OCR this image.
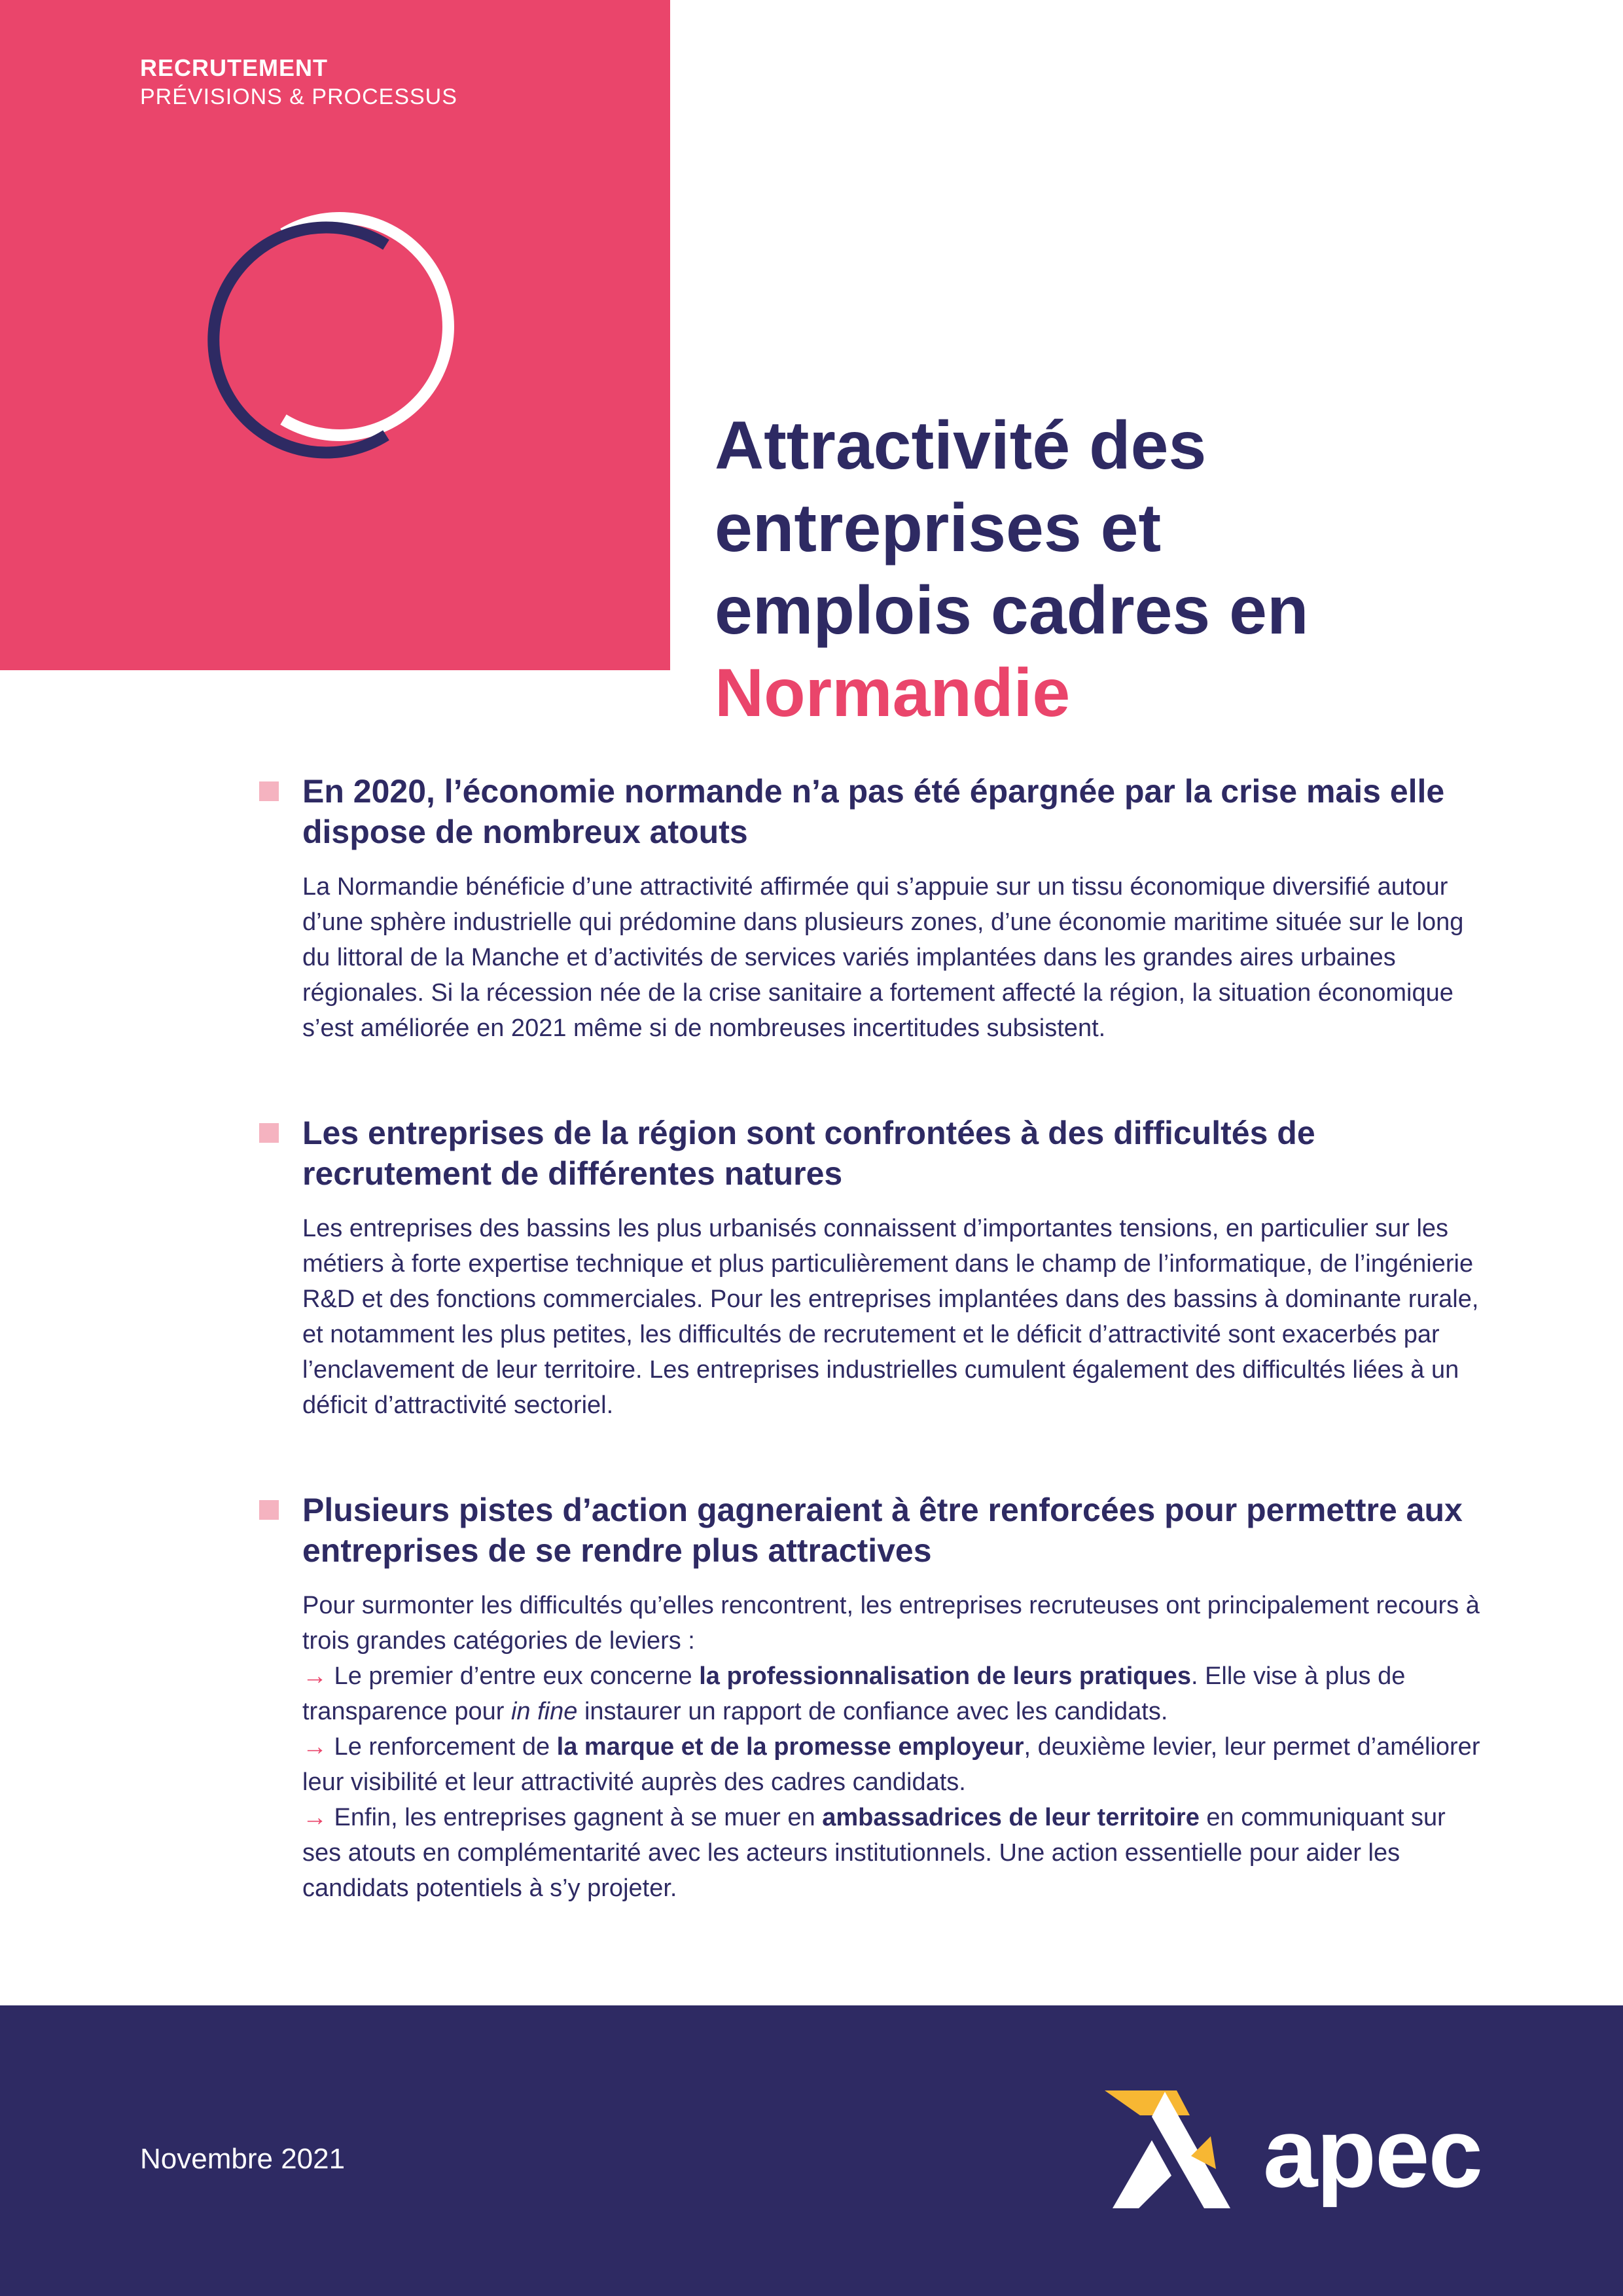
RECRUTEMENT
PRÉVISIONS & PROCESSUS
Attractivité des
entreprises et
emplois cadres en
Normandie
En 2020, l’économie normande n’a pas été épargnée par la crise mais elle dispose de nombreux atouts

La Normandie bénéficie d’une attractivité affirmée qui s’appuie sur un tissu économique diversifié autour d’une sphère industrielle qui prédomine dans plusieurs zones, d’une économie maritime située sur le long du littoral de la Manche et d’activités de services variés implantées dans les grandes aires urbaines régionales. Si la récession née de la crise sanitaire a fortement affecté la région, la situation économique s’est améliorée en 2021 même si de nombreuses incertitudes subsistent.

Les entreprises de la région sont confrontées à des difficultés de recrutement de différentes natures

Les entreprises des bassins les plus urbanisés connaissent d’importantes tensions, en particulier sur les métiers à forte expertise technique et plus particulièrement dans le champ de l’informatique, de l’ingénierie R&D et des fonctions commerciales. Pour les entreprises implantées dans des bassins à dominante rurale, et notamment les plus petites, les difficultés de recrutement et le déficit d’attractivité sont exacerbés par l’enclavement de leur territoire. Les entreprises industrielles cumulent également des difficultés liées à un déficit d’attractivité sectoriel.

Plusieurs pistes d’action gagneraient à être renforcées pour permettre aux entreprises de se rendre plus attractives

Pour surmonter les difficultés qu’elles rencontrent, les entreprises recruteuses ont principalement recours à trois grandes catégories de leviers :
→ Le premier d’entre eux concerne la professionnalisation de leurs pratiques. Elle vise à plus de transparence pour in fine instaurer un rapport de confiance avec les candidats.
→ Le renforcement de la marque et de la promesse employeur, deuxième levier, leur permet d’améliorer leur visibilité et leur attractivité auprès des cadres candidats.
→ Enfin, les entreprises gagnent à se muer en ambassadrices de leur territoire en communiquant sur ses atouts en complémentarité avec les acteurs institutionnels. Une action essentielle pour aider les candidats potentiels à s’y projeter.

Novembre 2021	apec
